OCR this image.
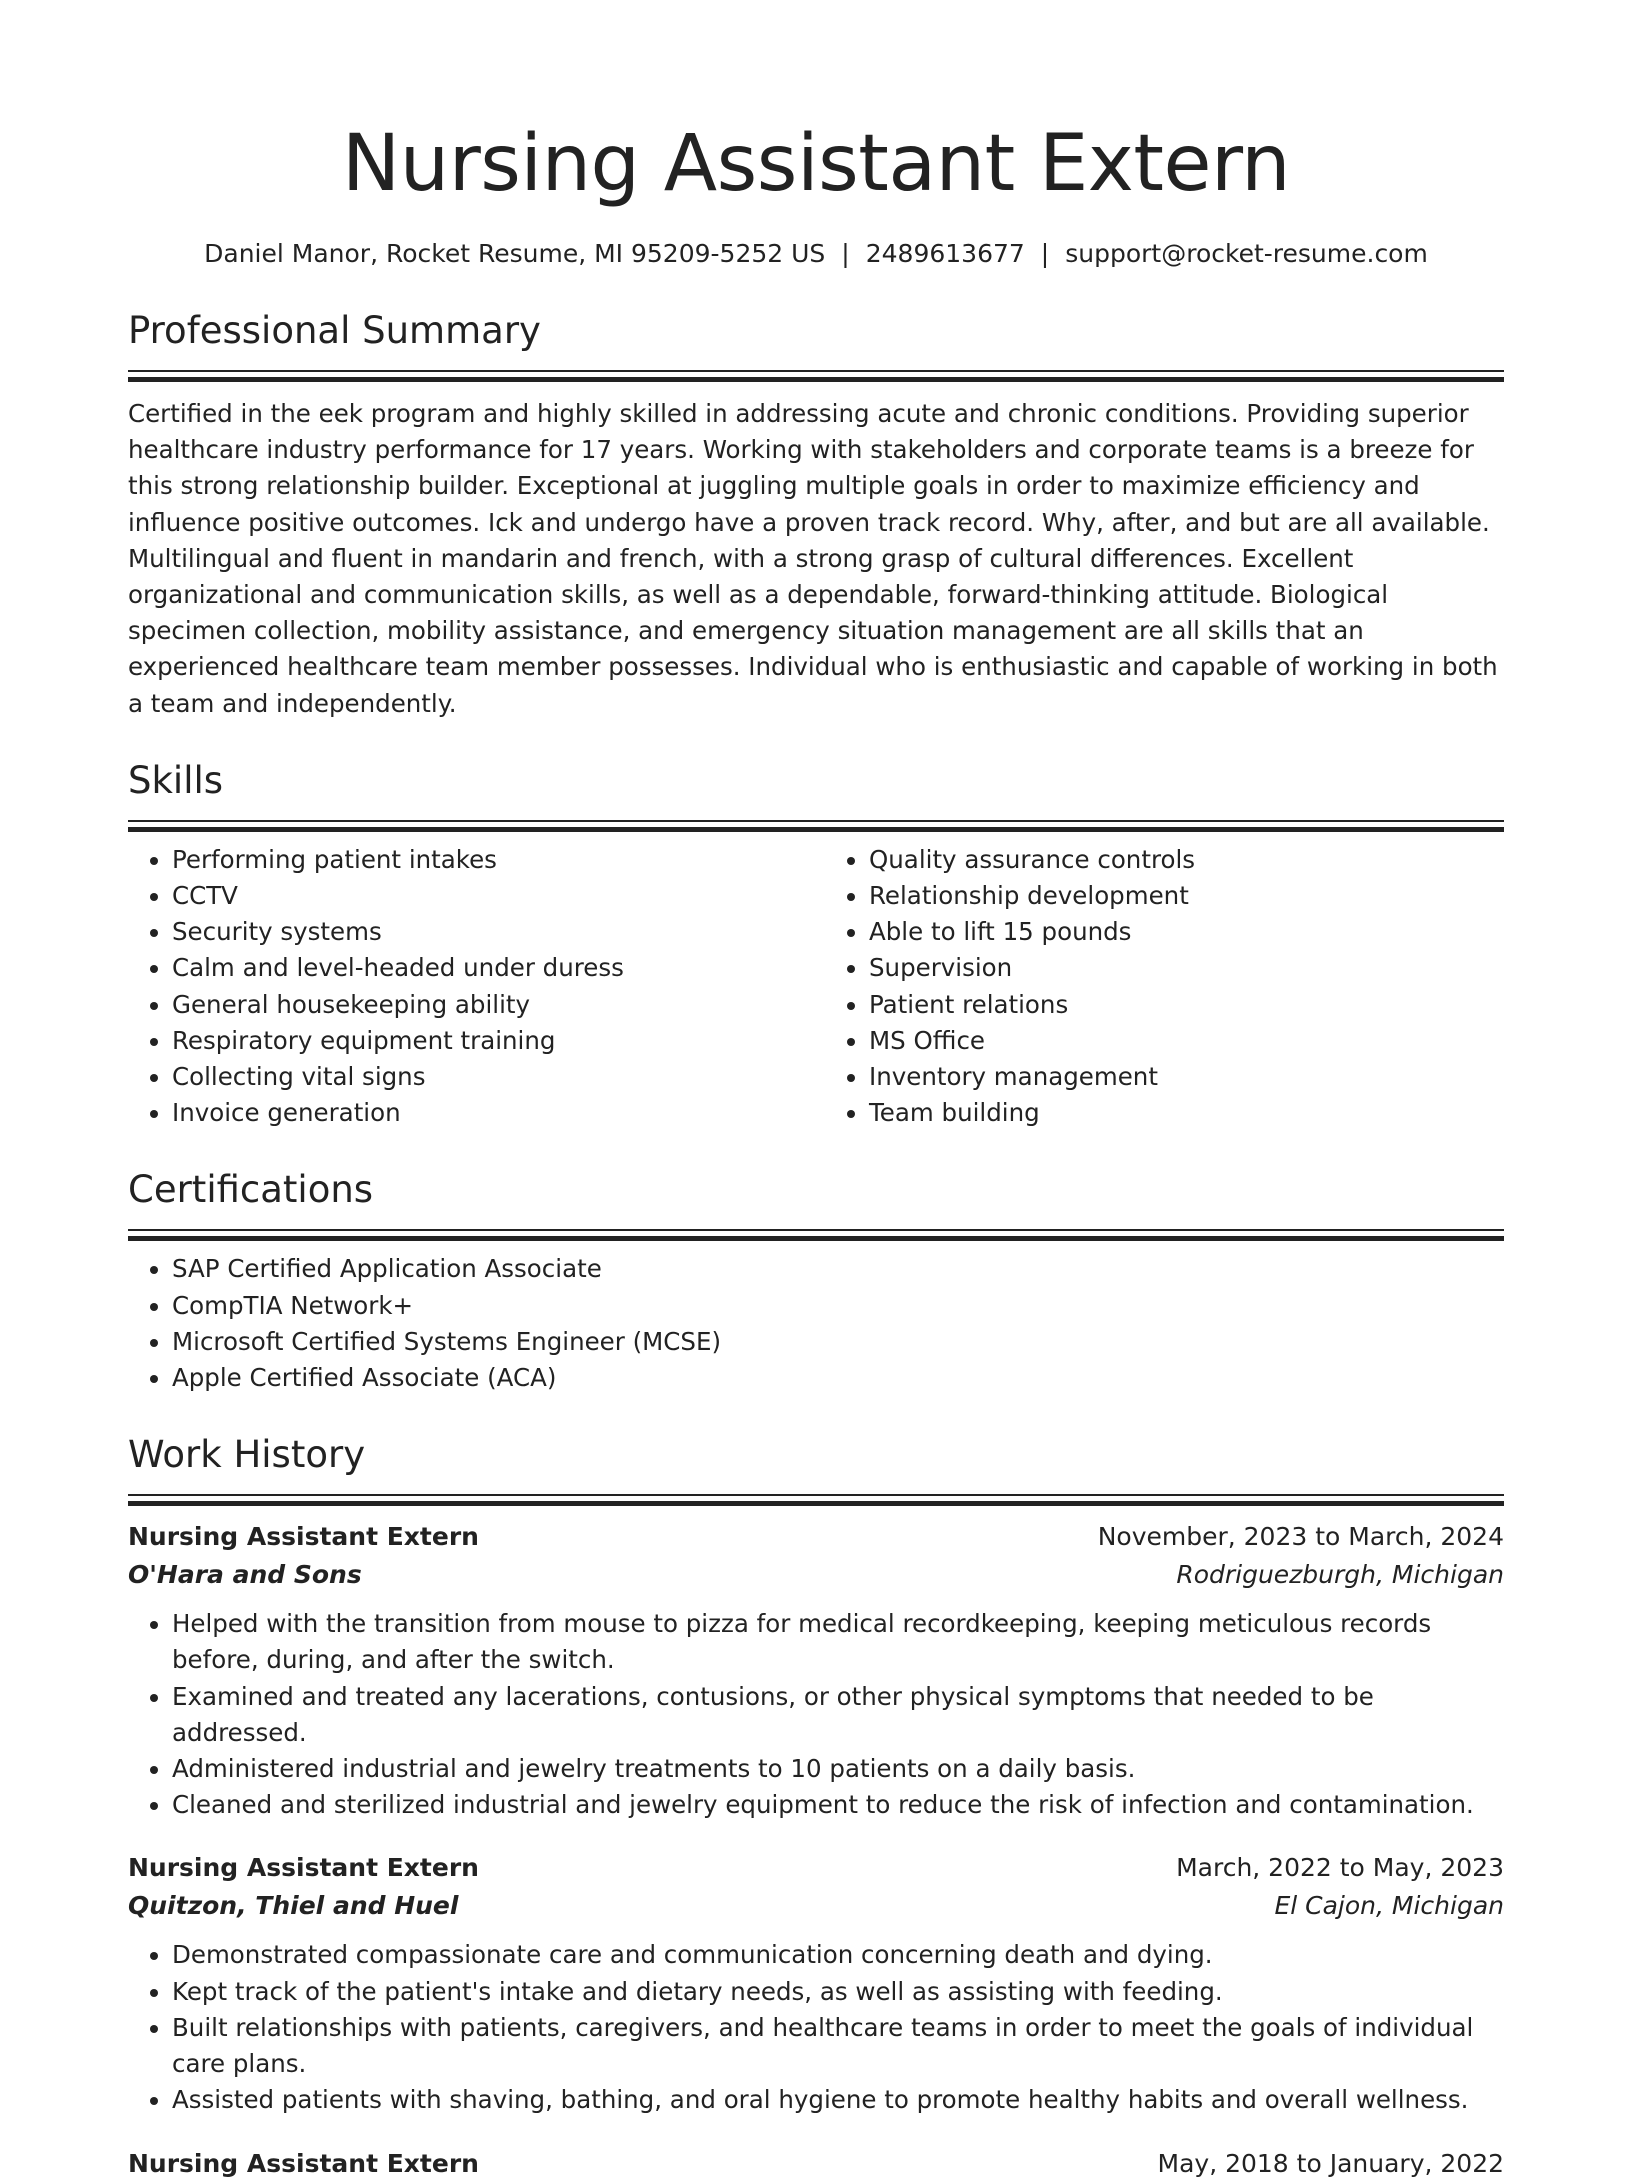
Nursing Assistant Extern
Daniel Manor, Rocket Resume, MI 95209-5252 US | 2489613677 | support@rocket-resume.com
Professional Summary
Certified in the eek program and highly skilled in addressing acute and chronic conditions. Providing superior healthcare industry performance for 17 years. Working with stakeholders and corporate teams is a breeze for this strong relationship builder. Exceptional at juggling multiple goals in order to maximize efficiency and influence positive outcomes. Ick and undergo have a proven track record. Why, after, and but are all available. Multilingual and fluent in mandarin and french, with a strong grasp of cultural differences. Excellent organizational and communication skills, as well as a dependable, forward-thinking attitude. Biological specimen collection, mobility assistance, and emergency situation management are all skills that an experienced healthcare team member possesses. Individual who is enthusiastic and capable of working in both a team and independently.
Skills
• Performing patient intakes
• CCTV
• Security systems
• Calm and level-headed under duress
• General housekeeping ability
• Respiratory equipment training
• Collecting vital signs
• Invoice generation
• Quality assurance controls
• Relationship development
• Able to lift 15 pounds
• Supervision
• Patient relations
• MS Office
• Inventory management
• Team building
Certifications
• SAP Certified Application Associate
• CompTIA Network+
• Microsoft Certified Systems Engineer (MCSE)
• Apple Certified Associate (ACA)
Work History
Nursing Assistant Extern	November, 2023 to March, 2024
O'Hara and Sons	Rodriguezburgh, Michigan
• Helped with the transition from mouse to pizza for medical recordkeeping, keeping meticulous records before, during, and after the switch.
• Examined and treated any lacerations, contusions, or other physical symptoms that needed to be addressed.
• Administered industrial and jewelry treatments to 10 patients on a daily basis.
• Cleaned and sterilized industrial and jewelry equipment to reduce the risk of infection and contamination.
Nursing Assistant Extern	March, 2022 to May, 2023
Quitzon, Thiel and Huel	El Cajon, Michigan
• Demonstrated compassionate care and communication concerning death and dying.
• Kept track of the patient's intake and dietary needs, as well as assisting with feeding.
• Built relationships with patients, caregivers, and healthcare teams in order to meet the goals of individual care plans.
• Assisted patients with shaving, bathing, and oral hygiene to promote healthy habits and overall wellness.
Nursing Assistant Extern	May, 2018 to January, 2022
